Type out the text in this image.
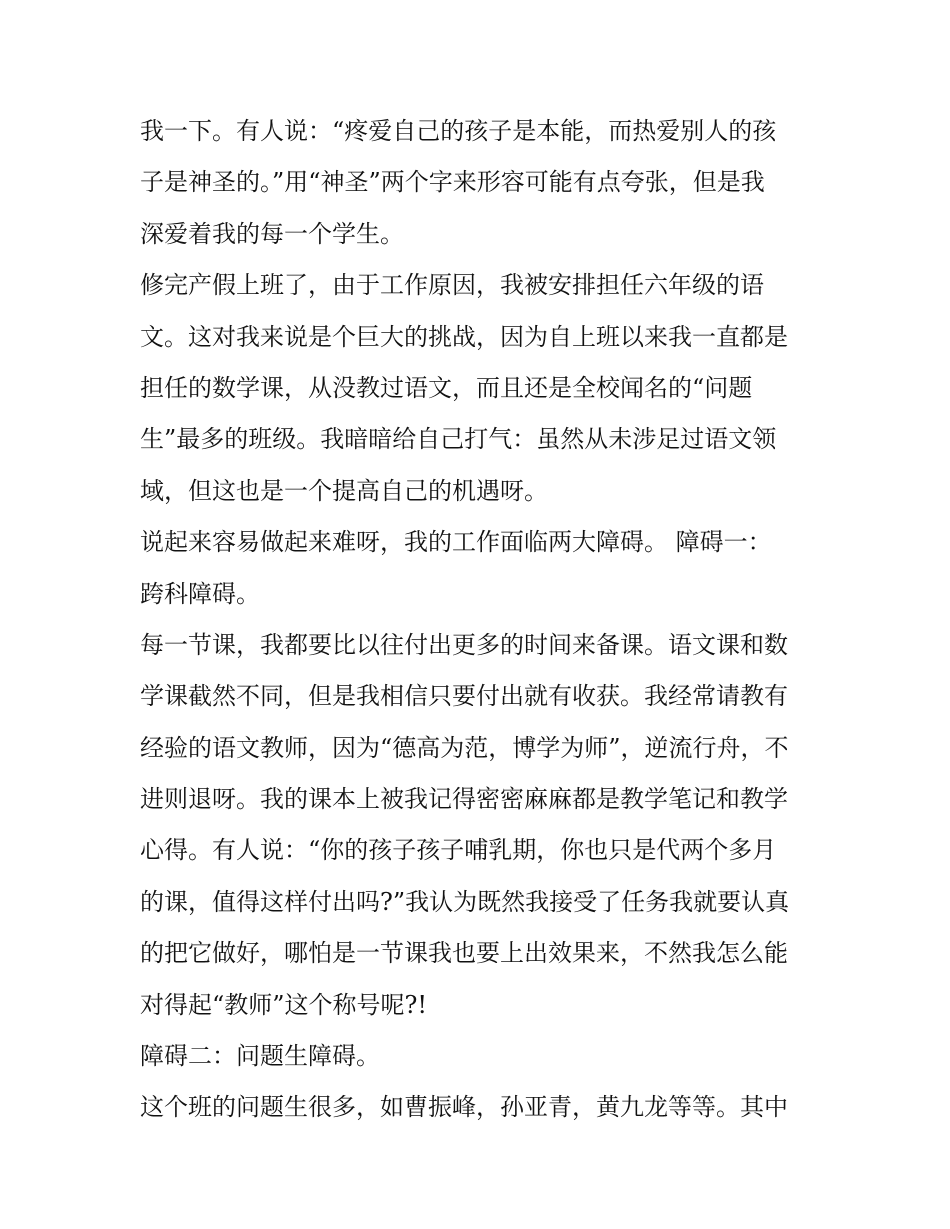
我一下。有人说：“疼爱自己的孩子是本能，而热爱别人的孩
子是神圣的。”用“神圣”两个字来形容可能有点夸张，但是我
深爱着我的每一个学生。
修完产假上班了，由于工作原因，我被安排担任六年级的语
文。这对我来说是个巨大的挑战，因为自上班以来我一直都是
担任的数学课，从没教过语文，而且还是全校闻名的“问题
生”最多的班级。我暗暗给自己打气：虽然从未涉足过语文领
域，但这也是一个提高自己的机遇呀。
说起来容易做起来难呀，我的工作面临两大障碍。 障碍一：
跨科障碍。
每一节课，我都要比以往付出更多的时间来备课。语文课和数
学课截然不同，但是我相信只要付出就有收获。我经常请教有
经验的语文教师，因为“德高为范，博学为师”，逆流行舟，不
进则退呀。我的课本上被我记得密密麻麻都是教学笔记和教学
心得。有人说：“你的孩子孩子哺乳期，你也只是代两个多月
的课，值得这样付出吗?”我认为既然我接受了任务我就要认真
的把它做好，哪怕是一节课我也要上出效果来，不然我怎么能
对得起“教师”这个称号呢?!
障碍二：问题生障碍。
这个班的问题生很多，如曹振峰，孙亚青，黄九龙等等。其中
